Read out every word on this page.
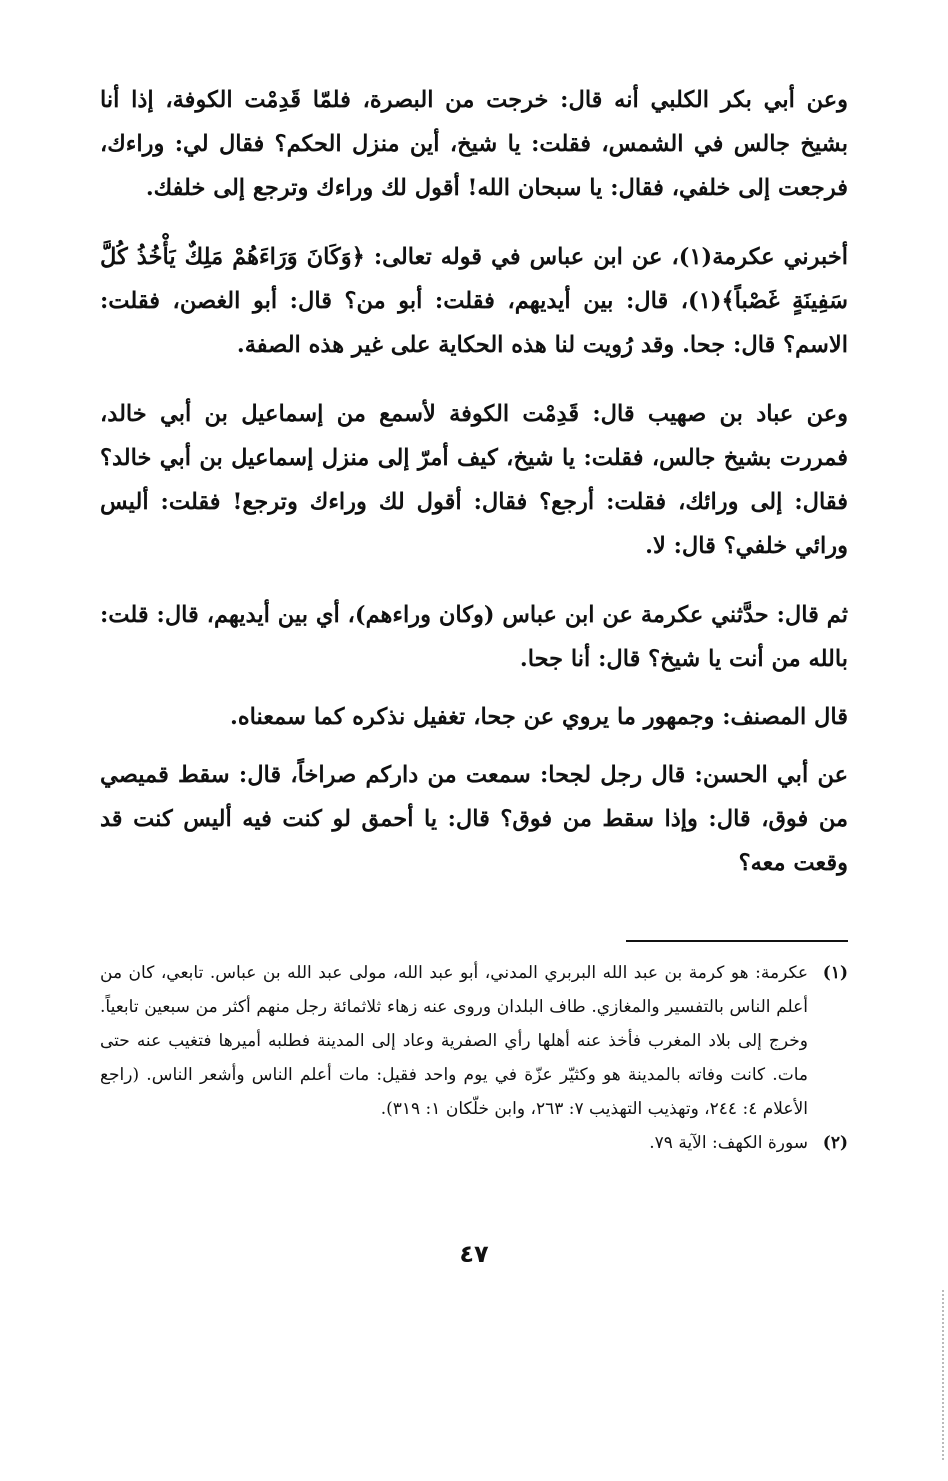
وعن أبي بكر الكلبي أنه قال: خرجت من البصرة، فلمّا قَدِمْت الكوفة، إذا أنا بشيخ جالس في الشمس، فقلت: يا شيخ، أين منزل الحكم؟ فقال لي: وراءك، فرجعت إلى خلفي، فقال: يا سبحان الله! أقول لك وراءك وترجع إلى خلفك.

أخبرني عكرمة(١)، عن ابن عباس في قوله تعالى: ﴿وَكَانَ وَرَاءَهُمْ مَلِكٌ يَأْخُذُ كُلَّ سَفِينَةٍ غَصْباً﴾(١)، قال: بين أيديهم، فقلت: أبو من؟ قال: أبو الغصن، فقلت: الاسم؟ قال: جحا. وقد رُويت لنا هذه الحكاية على غير هذه الصفة.

وعن عباد بن صهيب قال: قَدِمْت الكوفة لأسمع من إسماعيل بن أبي خالد، فمررت بشيخ جالس، فقلت: يا شيخ، كيف أمرّ إلى منزل إسماعيل بن أبي خالد؟ فقال: إلى ورائك، فقلت: أرجع؟ فقال: أقول لك وراءك وترجع! فقلت: أليس ورائي خلفي؟ قال: لا.

ثم قال: حدَّثني عكرمة عن ابن عباس (وكان وراءهم)، أي بين أيديهم، قال: قلت: بالله من أنت يا شيخ؟ قال: أنا جحا.

قال المصنف: وجمهور ما يروي عن جحا، تغفيل نذكره كما سمعناه.

عن أبي الحسن: قال رجل لجحا: سمعت من داركم صراخاً، قال: سقط قميصي من فوق، قال: وإذا سقط من فوق؟ قال: يا أحمق لو كنت فيه أليس كنت قد وقعت معه؟

(١)
عكرمة: هو كرمة بن عبد الله البربري المدني، أبو عبد الله، مولى عبد الله بن عباس. تابعي، كان من أعلم الناس بالتفسير والمغازي. طاف البلدان وروى عنه زهاء ثلاثمائة رجل منهم أكثر من سبعين تابعياً. وخرج إلى بلاد المغرب فأخذ عنه أهلها رأي الصفرية وعاد إلى المدينة فطلبه أميرها فتغيب عنه حتى مات. كانت وفاته بالمدينة هو وكثيّر عزّة في يوم واحد فقيل: مات أعلم الناس وأشعر الناس. (راجع الأعلام ٤: ٢٤٤، وتهذيب التهذيب ٧: ٢٦٣، وابن خلّكان ١: ٣١٩).
(٢)
سورة الكهف: الآية ٧٩.
٤٧
